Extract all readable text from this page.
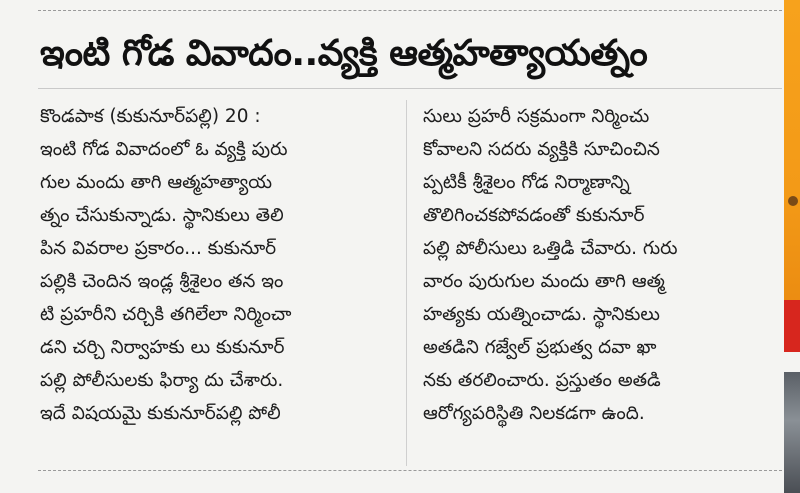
ఇంటి గోడ వివాదం..వ్యక్తి ఆత్మహత్యాయత్నం
కొండపాక (కుకునూర్‌పల్లి) 20 :
ఇంటి గోడ వివాదంలో ఓ వ్యక్తి పురు
గుల మందు తాగి ఆత్మహత్యాయ
త్నం చేసుకున్నాడు. స్థానికులు తెలి
పిన వివరాల ప్రకారం... కుకునూర్
పల్లికి చెందిన ఇండ్ల శ్రీశైలం తన ఇం
టి ప్రహరీని చర్చికి తగిలేలా నిర్మించా
డని చర్చి నిర్వాహకు లు కుకునూర్
పల్లి పోలీసులకు ఫిర్యా దు చేశారు.
ఇదే విషయమై కుకునూర్‌పల్లి పోలీ
సులు ప్రహరీ సక్రమంగా నిర్మించు
కోవాలని సదరు వ్యక్తికి సూచించిన
ప్పటికీ శ్రీశైలం గోడ నిర్మాణాన్ని
తొలిగించకపోవడంతో కుకునూర్
పల్లి పోలీసులు ఒత్తిడి చేవారు. గురు
వారం పురుగుల మందు తాగి ఆత్మ
హత్యకు యత్నించాడు. స్థానికులు
అతడిని గజ్వేల్ ప్రభుత్వ దవా ఖా
నకు తరలించారు. ప్రస్తుతం అతడి
ఆరోగ్యపరిస్థితి నిలకడగా ఉంది.
